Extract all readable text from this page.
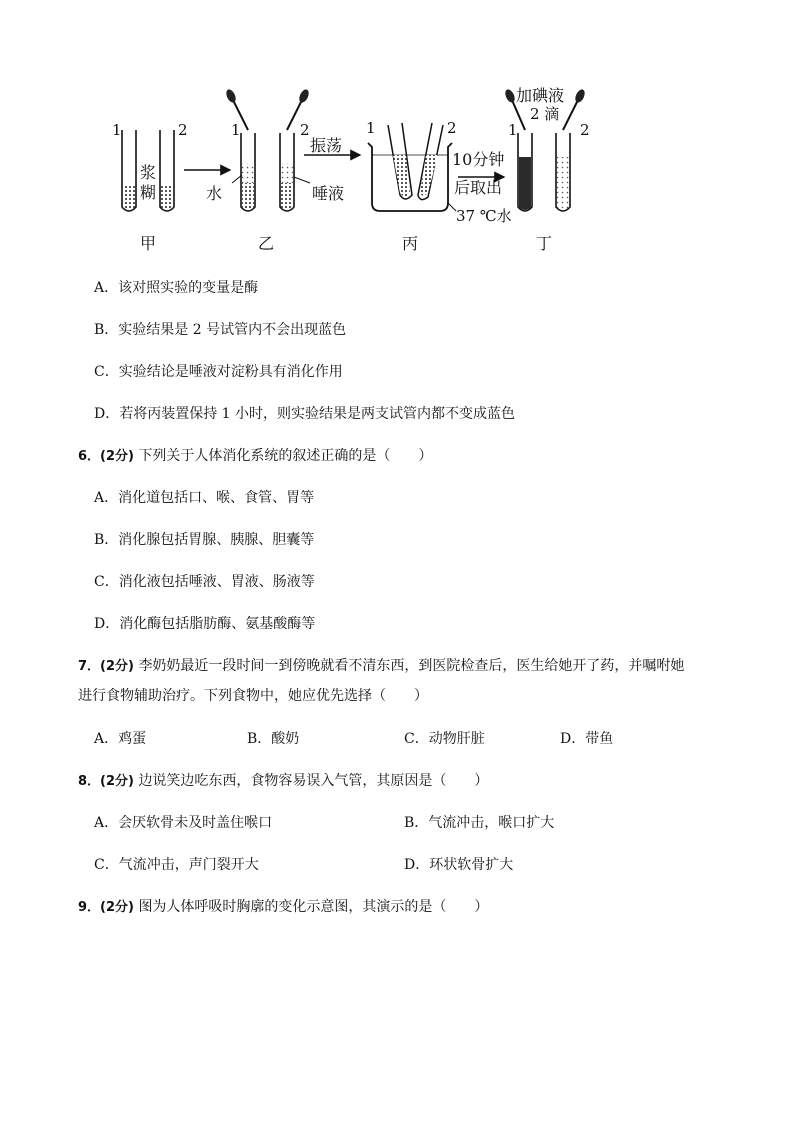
1	2	1	2	1	2	1	2
浆
糊
振荡
水	唾液
10分钟
后取出
37 ℃水
加碘液
2 滴
甲	乙	丙	丁
A．该对照实验的变量是酶
B．实验结果是 2 号试管内不会出现蓝色
C．实验结论是唾液对淀粉具有消化作用
D．若将丙装置保持 1 小时，则实验结果是两支试管内都不变成蓝色
6．(2分) 下列关于人体消化系统的叙述正确的是（　　）
A．消化道包括口、喉、食管、胃等
B．消化腺包括胃腺、胰腺、胆囊等
C．消化液包括唾液、胃液、肠液等
D．消化酶包括脂肪酶、氨基酸酶等
7．(2分) 李奶奶最近一段时间一到傍晚就看不清东西，到医院检查后，医生给她开了药，并嘱咐她
进行食物辅助治疗。下列食物中，她应优先选择（　　）
A．鸡蛋	B．酸奶	C．动物肝脏	D．带鱼
8．(2分) 边说笑边吃东西，食物容易误入气管，其原因是（　　）
A．会厌软骨未及时盖住喉口	B．气流冲击，喉口扩大
C．气流冲击，声门裂开大	D．环状软骨扩大
9．(2分) 图为人体呼吸时胸廓的变化示意图，其演示的是（　　）
